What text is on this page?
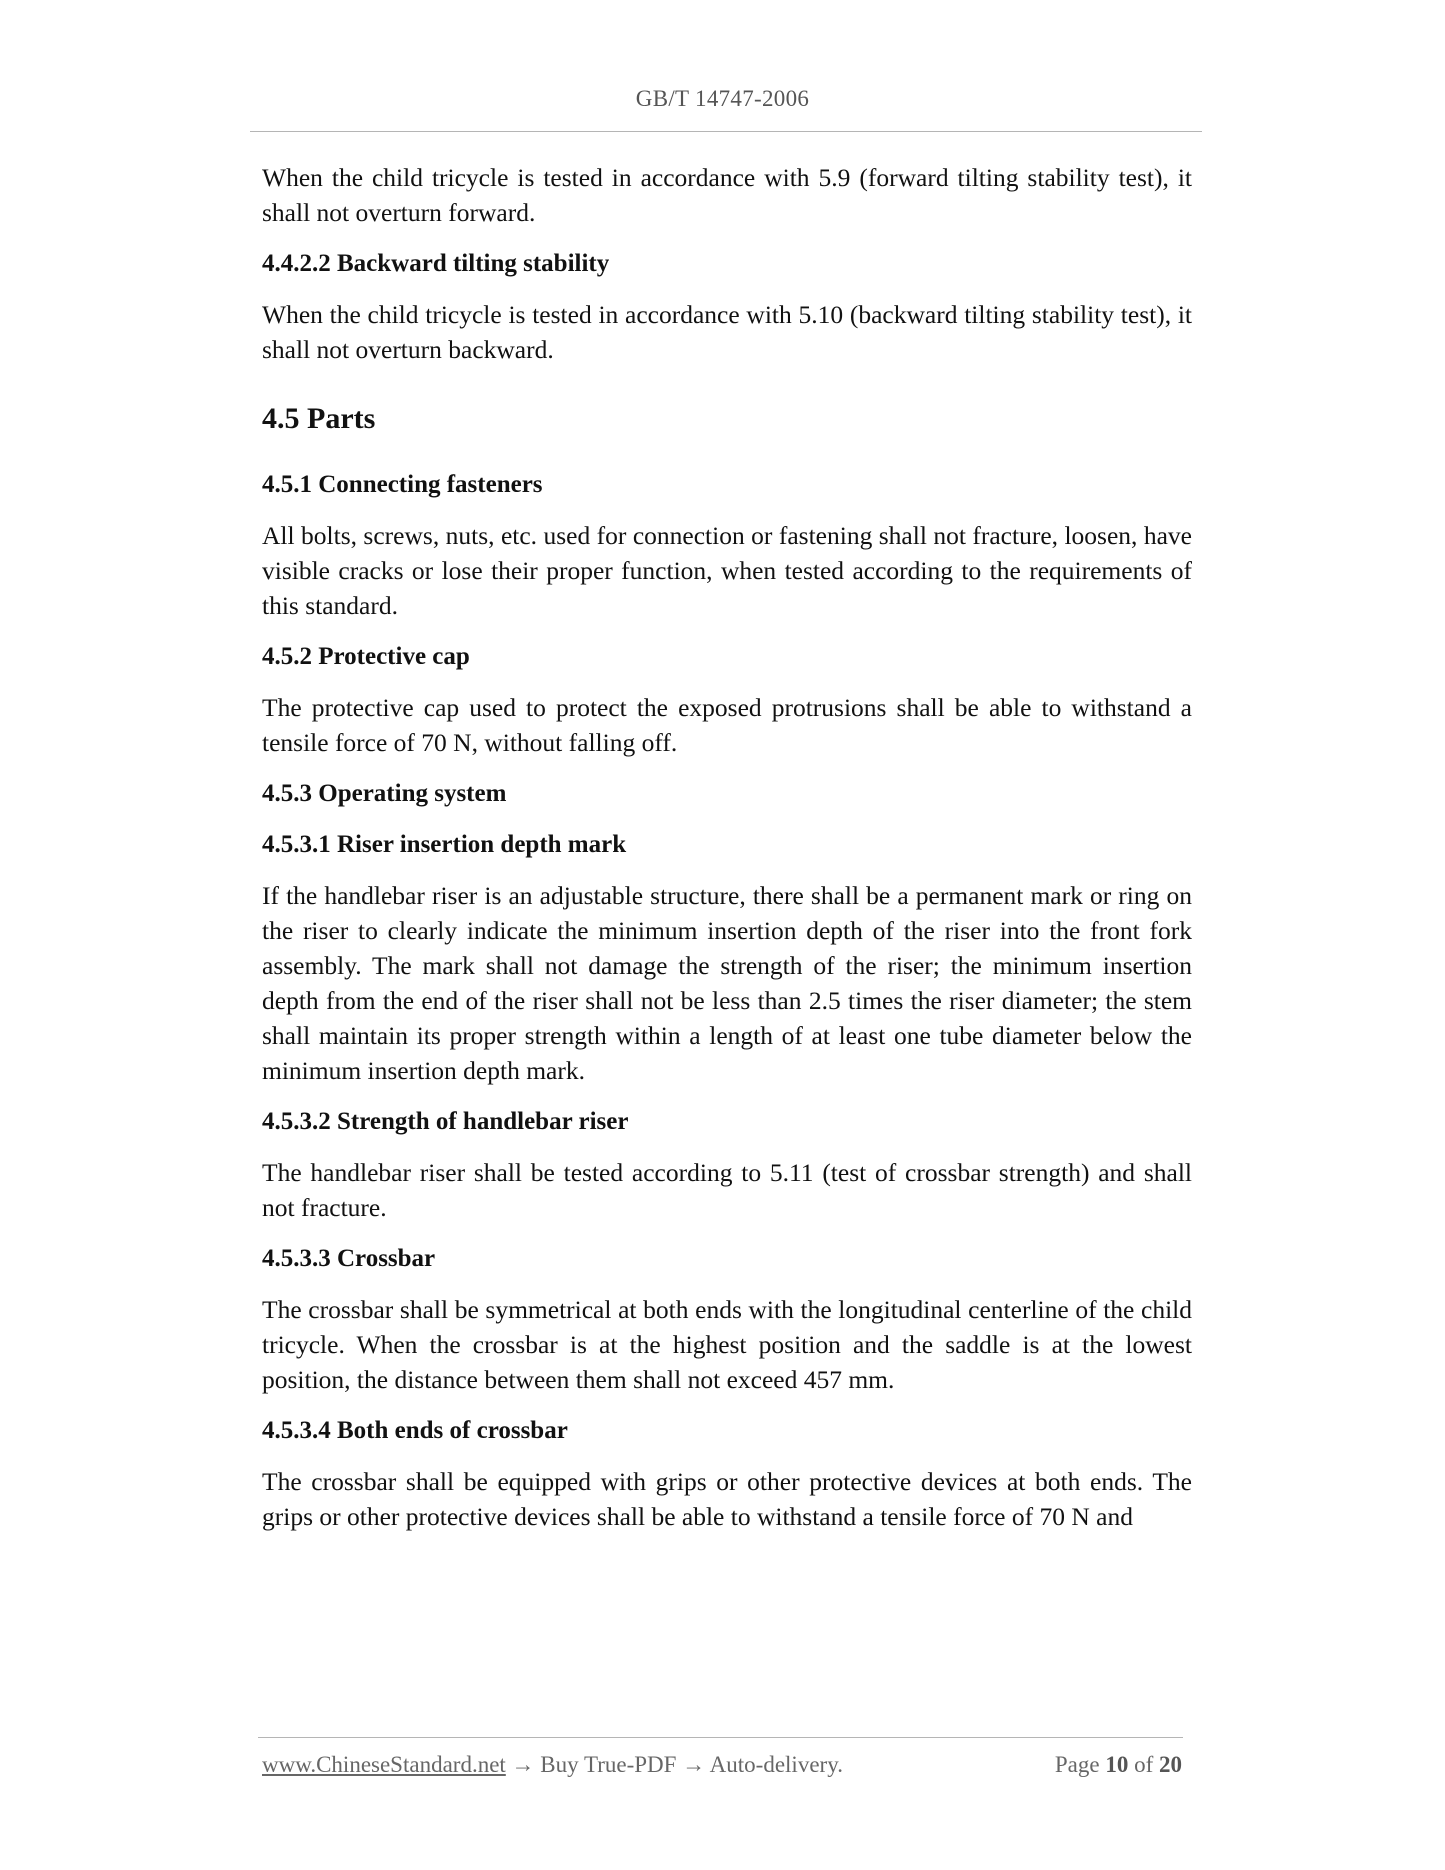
GB/T 14747-2006

When the child tricycle is tested in accordance with 5.9 (forward tilting stability test), it shall not overturn forward.

4.4.2.2 Backward tilting stability

When the child tricycle is tested in accordance with 5.10 (backward tilting stability test), it shall not overturn backward.

4.5 Parts

4.5.1 Connecting fasteners

All bolts, screws, nuts, etc. used for connection or fastening shall not fracture, loosen, have visible cracks or lose their proper function, when tested according to the requirements of this standard.

4.5.2 Protective cap

The protective cap used to protect the exposed protrusions shall be able to withstand a tensile force of 70 N, without falling off.

4.5.3 Operating system

4.5.3.1 Riser insertion depth mark

If the handlebar riser is an adjustable structure, there shall be a permanent mark or ring on the riser to clearly indicate the minimum insertion depth of the riser into the front fork assembly. The mark shall not damage the strength of the riser; the minimum insertion depth from the end of the riser shall not be less than 2.5 times the riser diameter; the stem shall maintain its proper strength within a length of at least one tube diameter below the minimum insertion depth mark.

4.5.3.2 Strength of handlebar riser

The handlebar riser shall be tested according to 5.11 (test of crossbar strength) and shall not fracture.

4.5.3.3 Crossbar

The crossbar shall be symmetrical at both ends with the longitudinal centerline of the child tricycle. When the crossbar is at the highest position and the saddle is at the lowest position, the distance between them shall not exceed 457 mm.

4.5.3.4 Both ends of crossbar

The crossbar shall be equipped with grips or other protective devices at both ends. The grips or other protective devices shall be able to withstand a tensile force of 70 N and

www.ChineseStandard.net → Buy True-PDF → Auto-delivery.	Page 10 of 20
